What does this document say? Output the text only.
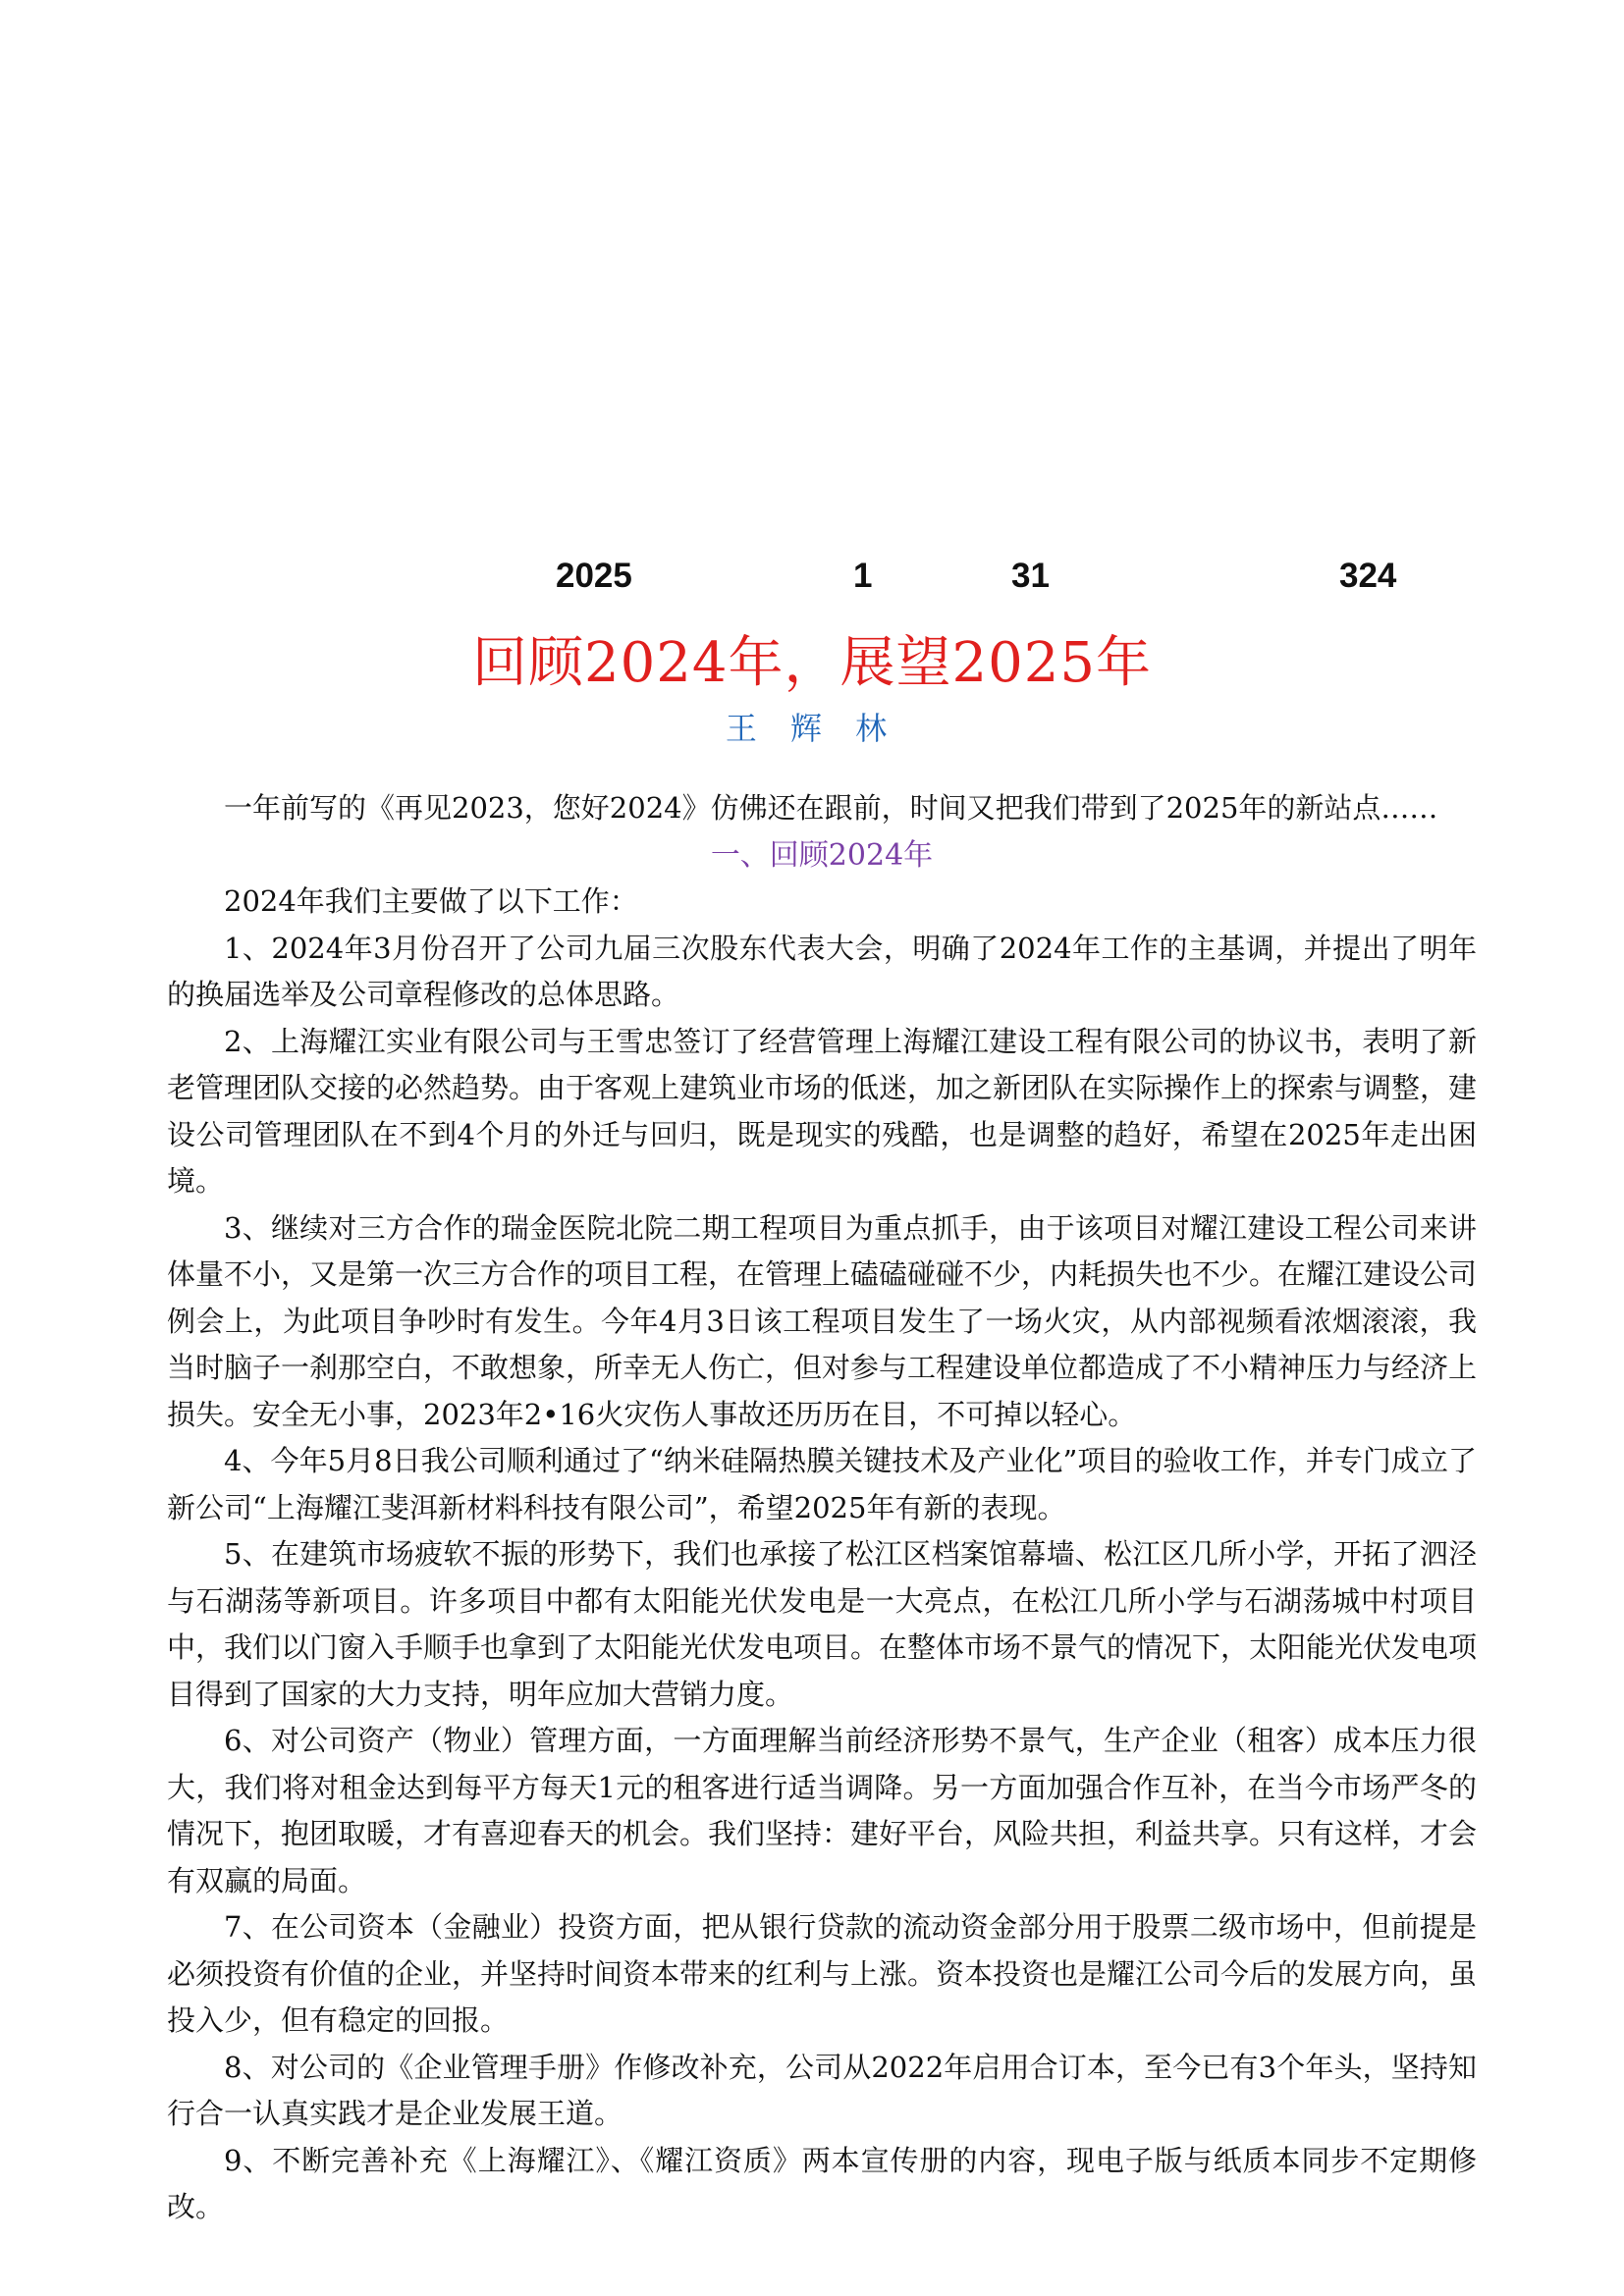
2025	1	31	324
回顾2024年，展望2025年
王 辉 林

一年前写的《再见2023，您好2024》仿佛还在跟前，时间又把我们带到了2025年的新站点……

一、回顾2024年

2024年我们主要做了以下工作：

1、2024年3月份召开了公司九届三次股东代表大会，明确了2024年工作的主基调，并提出了明年的换届选举及公司章程修改的总体思路。

2、上海耀江实业有限公司与王雪忠签订了经营管理上海耀江建设工程有限公司的协议书，表明了新老管理团队交接的必然趋势。由于客观上建筑业市场的低迷，加之新团队在实际操作上的探索与调整，建设公司管理团队在不到4个月的外迁与回归，既是现实的残酷，也是调整的趋好，希望在2025年走出困境。

3、继续对三方合作的瑞金医院北院二期工程项目为重点抓手，由于该项目对耀江建设工程公司来讲体量不小，又是第一次三方合作的项目工程，在管理上磕磕碰碰不少，内耗损失也不少。在耀江建设公司例会上，为此项目争吵时有发生。今年4月3日该工程项目发生了一场火灾，从内部视频看浓烟滚滚，我当时脑子一刹那空白，不敢想象，所幸无人伤亡，但对参与工程建设单位都造成了不小精神压力与经济上损失。安全无小事，2023年2•16火灾伤人事故还历历在目，不可掉以轻心。

4、今年5月8日我公司顺利通过了“纳米硅隔热膜关键技术及产业化”项目的验收工作，并专门成立了新公司“上海耀江斐洱新材料科技有限公司”，希望2025年有新的表现。

5、在建筑市场疲软不振的形势下，我们也承接了松江区档案馆幕墙、松江区几所小学，开拓了泗泾与石湖荡等新项目。许多项目中都有太阳能光伏发电是一大亮点，在松江几所小学与石湖荡城中村项目中，我们以门窗入手顺手也拿到了太阳能光伏发电项目。在整体市场不景气的情况下，太阳能光伏发电项目得到了国家的大力支持，明年应加大营销力度。

6、对公司资产（物业）管理方面，一方面理解当前经济形势不景气，生产企业（租客）成本压力很大，我们将对租金达到每平方每天1元的租客进行适当调降。另一方面加强合作互补，在当今市场严冬的情况下，抱团取暖，才有喜迎春天的机会。我们坚持：建好平台，风险共担，利益共享。只有这样，才会有双赢的局面。

7、在公司资本（金融业）投资方面，把从银行贷款的流动资金部分用于股票二级市场中，但前提是必须投资有价值的企业，并坚持时间资本带来的红利与上涨。资本投资也是耀江公司今后的发展方向，虽投入少，但有稳定的回报。

8、对公司的《企业管理手册》作修改补充，公司从2022年启用合订本，至今已有3个年头，坚持知行合一认真实践才是企业发展王道。

9、不断完善补充《上海耀江》、《耀江资质》两本宣传册的内容，现电子版与纸质本同步不定期修改。
